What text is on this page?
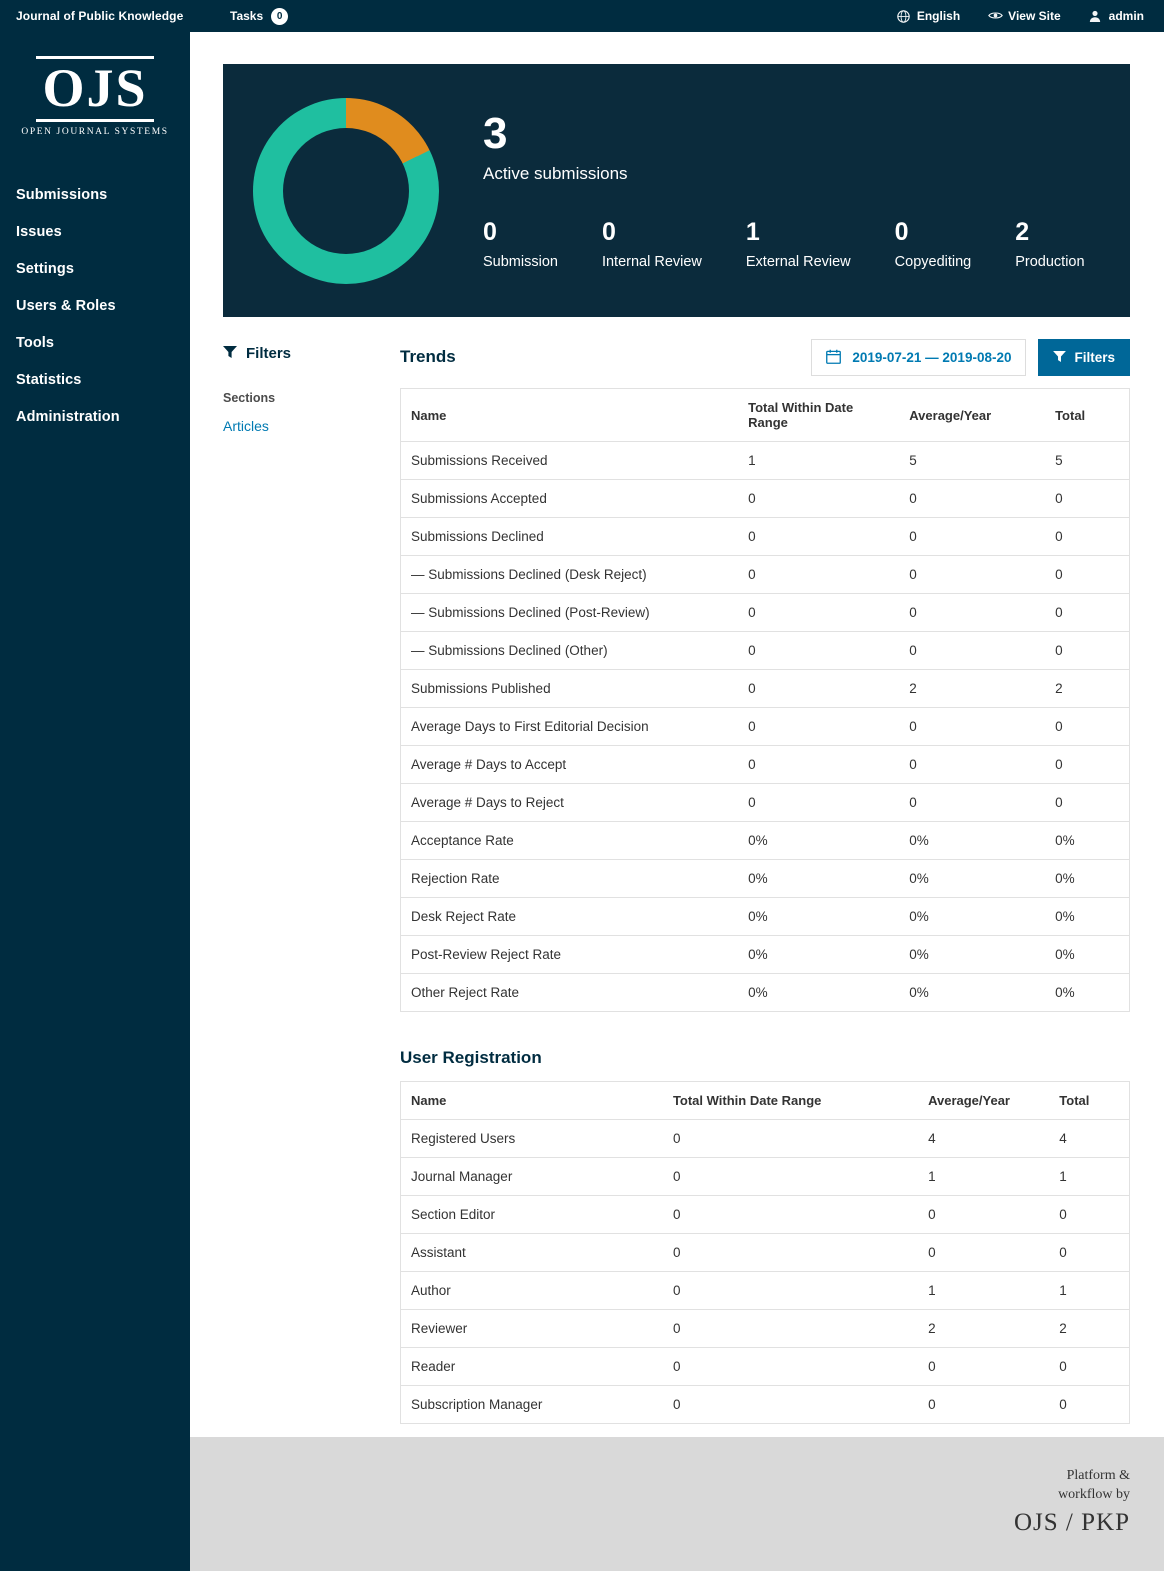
Journal of Public Knowledge	Tasks	0	English	View Site	admin
OJS
OPEN JOURNAL SYSTEMS
Submissions
Issues
Settings
Users & Roles
Tools
Statistics
Administration
3
Active submissions
0
Submission
0
Internal Review
1
External Review
0
Copyediting
2
Production
Filters
Sections
Articles
Trends	2019-07-21 — 2019-08-20	Filters
Name	Total Within Date Range	Average/Year	Total
Submissions Received	1	5	5
Submissions Accepted	0	0	0
Submissions Declined	0	0	0
— Submissions Declined (Desk Reject)	0	0	0
— Submissions Declined (Post-Review)	0	0	0
— Submissions Declined (Other)	0	0	0
Submissions Published	0	2	2
Average Days to First Editorial Decision	0	0	0
Average # Days to Accept	0	0	0
Average # Days to Reject	0	0	0
Acceptance Rate	0%	0%	0%
Rejection Rate	0%	0%	0%
Desk Reject Rate	0%	0%	0%
Post-Review Reject Rate	0%	0%	0%
Other Reject Rate	0%	0%	0%
User Registration
Name	Total Within Date Range	Average/Year	Total
Registered Users	0	4	4
Journal Manager	0	1	1
Section Editor	0	0	0
Assistant	0	0	0
Author	0	1	1
Reviewer	0	2	2
Reader	0	0	0
Subscription Manager	0	0	0
Platform &
workflow by
OJS / PKP
